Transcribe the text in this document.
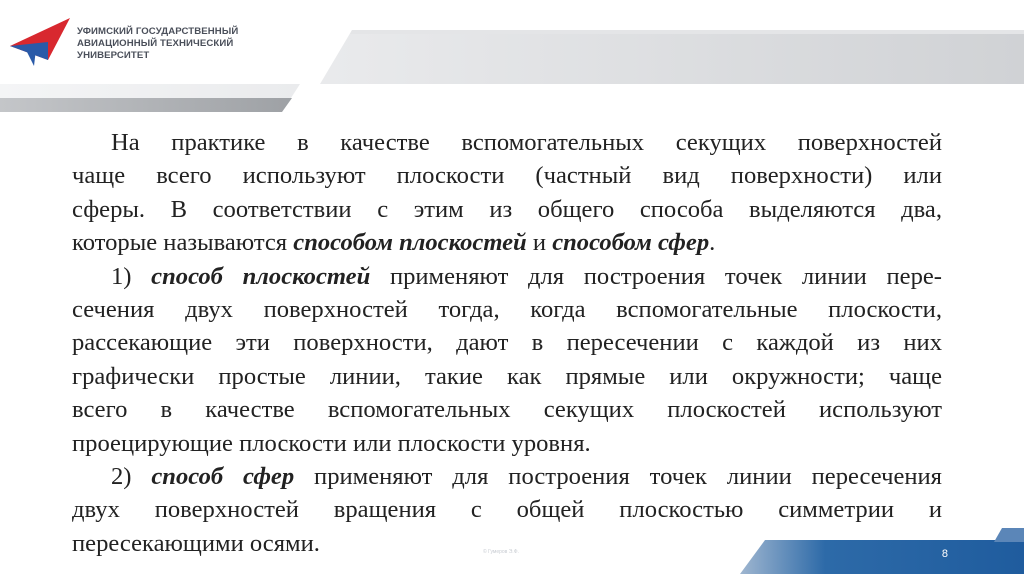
УФИМСКИЙ ГОСУДАРСТВЕННЫЙ
АВИАЦИОННЫЙ ТЕХНИЧЕСКИЙ
УНИВЕРСИТЕТ

На практике в качестве вспомогательных секущих поверхностей
чаще всего используют плоскости (частный вид поверхности) или
сферы. В соответствии с этим из общего способа выделяются два,
которые называются способом плоскостей и способом сфер.

1) способ плоскостей применяют для построения точек линии пере-
сечения двух поверхностей тогда, когда вспомогательные плоскости,
рассекающие эти поверхности, дают в пересечении с каждой из них
графически простые линии, такие как прямые или окружности; чаще
всего в качестве вспомогательных секущих плоскостей используют
проецирующие плоскости или плоскости уровня.

2) способ сфер применяют для построения точек линии пересечения
двух поверхностей вращения с общей плоскостью симметрии и
пересекающими осями.	© Гумеров Э.Ф.	8
